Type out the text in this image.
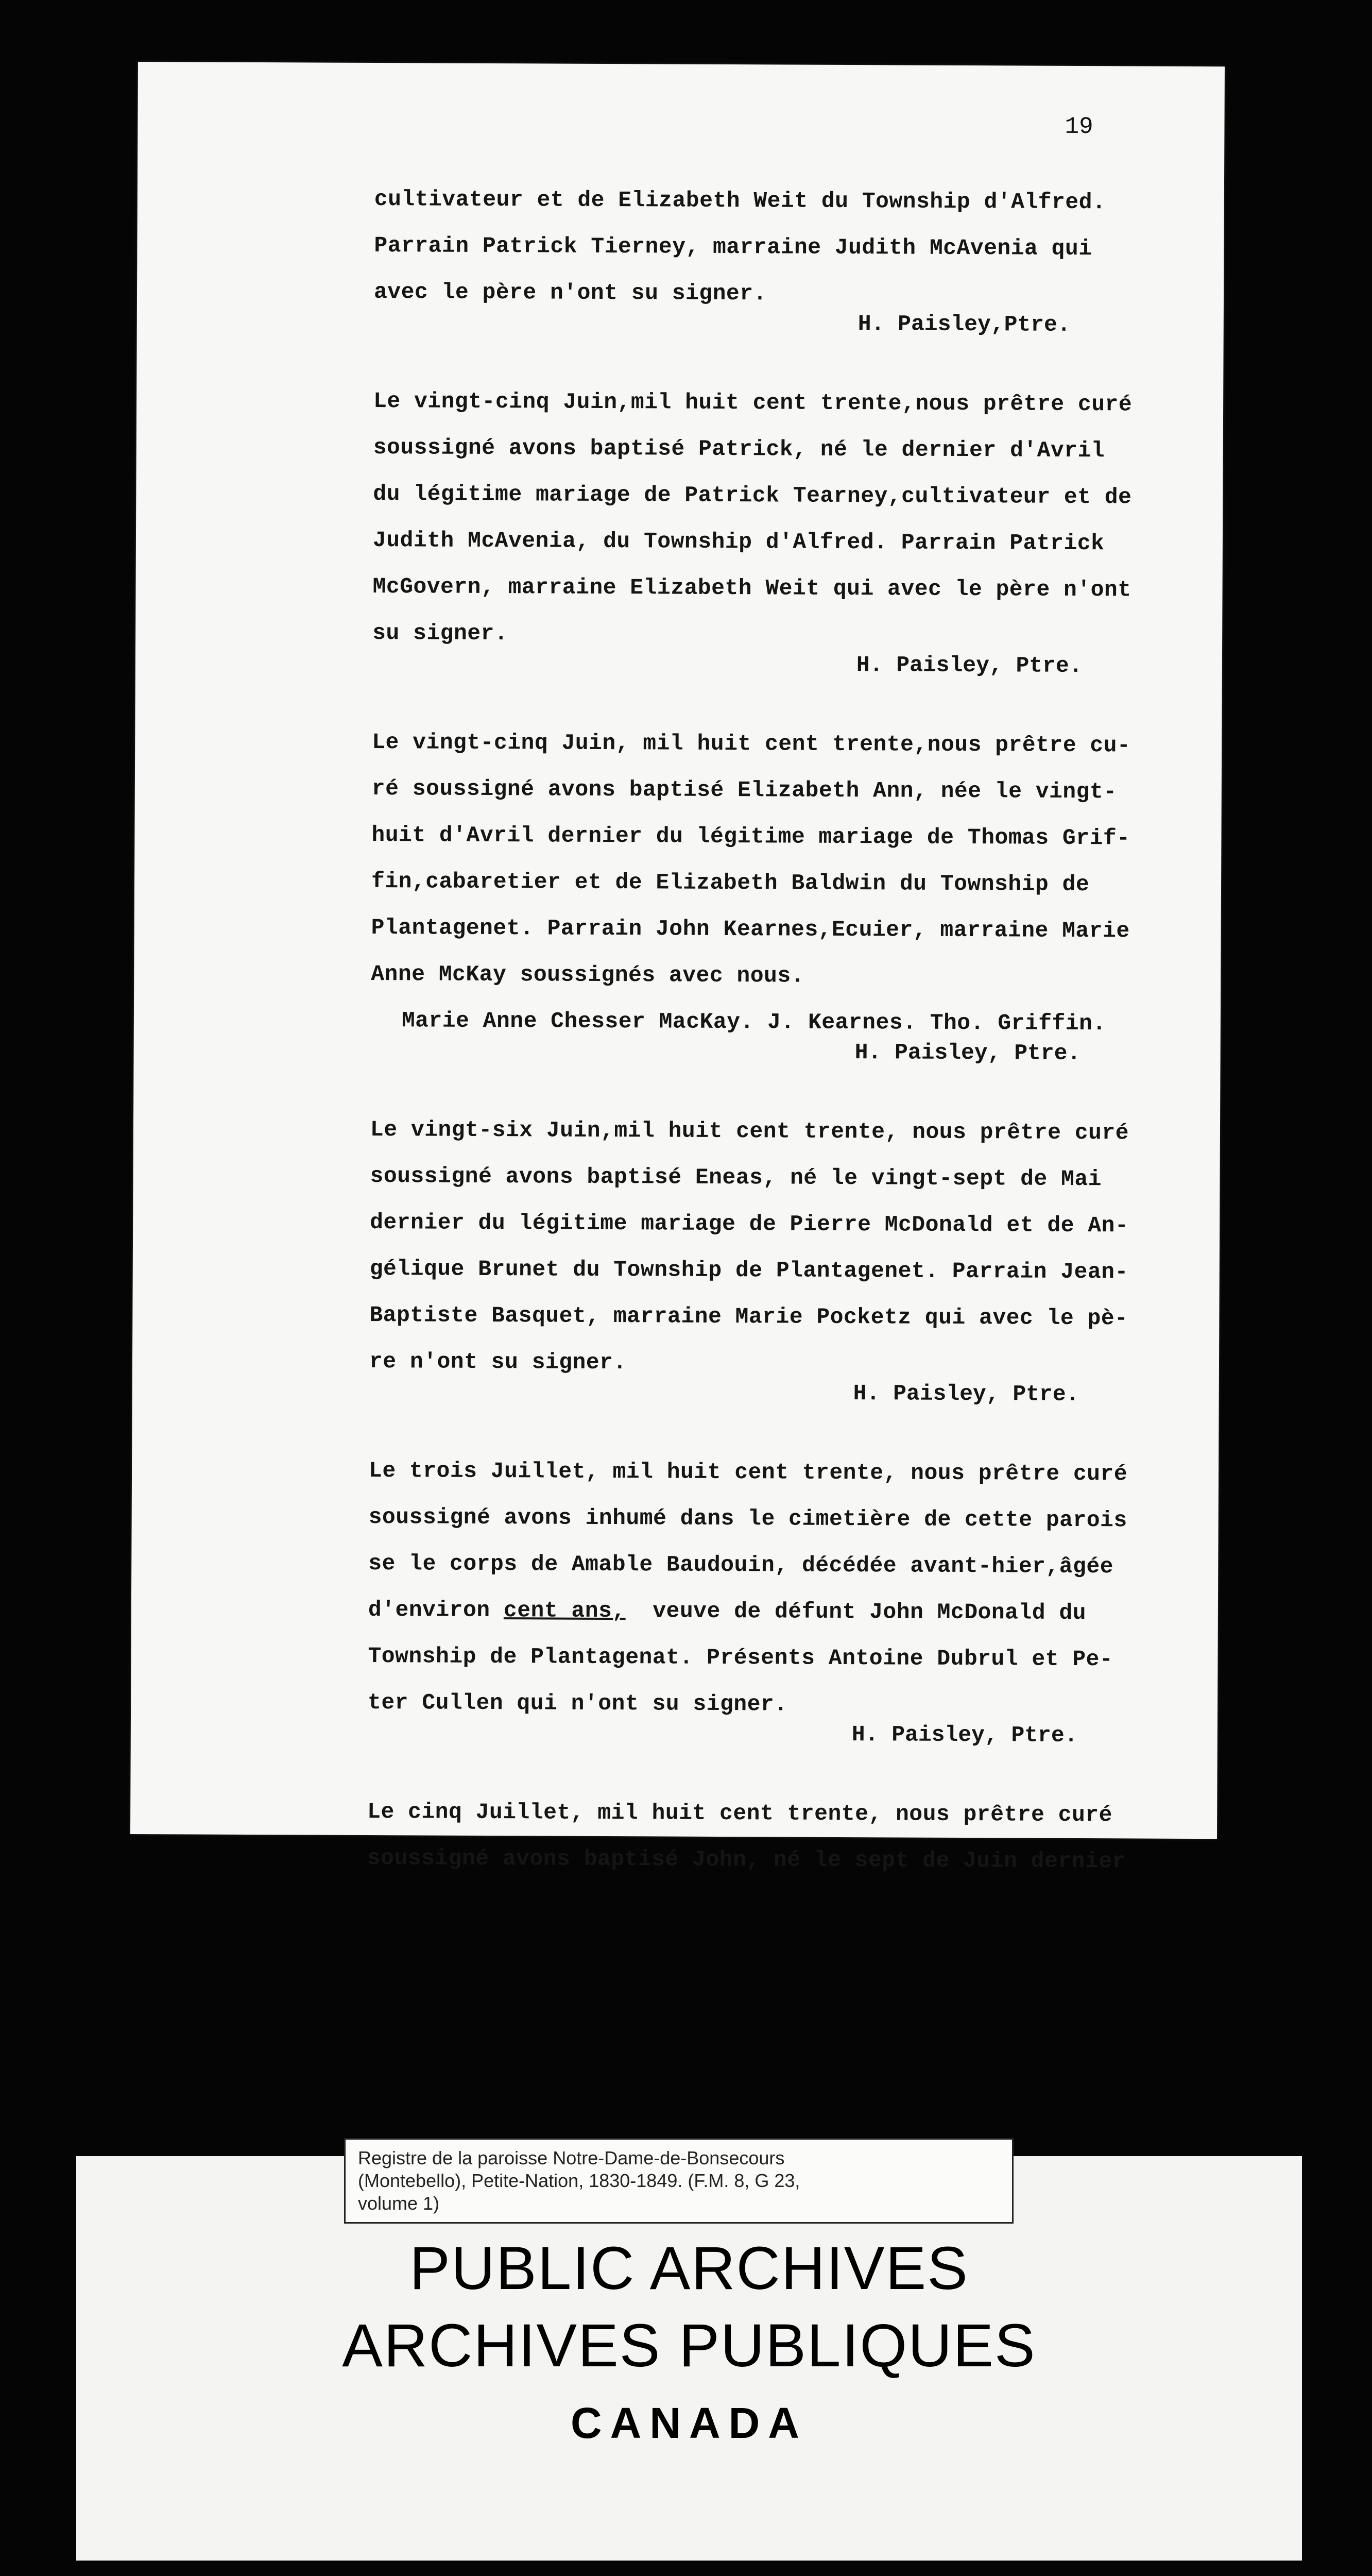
19
cultivateur et de Elizabeth Weit du Township d'Alfred.
Parrain Patrick Tierney, marraine Judith McAvenia qui
avec le père n'ont su signer.
H. Paisley,Ptre.
Le vingt-cinq Juin,mil huit cent trente,nous prêtre curé
soussigné avons baptisé Patrick, né le dernier d'Avril
du légitime mariage de Patrick Tearney,cultivateur et de
Judith McAvenia, du Township d'Alfred. Parrain Patrick
McGovern, marraine Elizabeth Weit qui avec le père n'ont
su signer.
H. Paisley, Ptre.
Le vingt-cinq Juin, mil huit cent trente,nous prêtre cu-
ré soussigné avons baptisé Elizabeth Ann, née le vingt-
huit d'Avril dernier du légitime mariage de Thomas Grif-
fin,cabaretier et de Elizabeth Baldwin du Township de
Plantagenet. Parrain John Kearnes,Ecuier, marraine Marie
Anne McKay soussignés avec nous.
Marie Anne Chesser MacKay. J. Kearnes. Tho. Griffin.
H. Paisley, Ptre.
Le vingt-six Juin,mil huit cent trente, nous prêtre curé
soussigné avons baptisé Eneas, né le vingt-sept de Mai
dernier du légitime mariage de Pierre McDonald et de An-
gélique Brunet du Township de Plantagenet. Parrain Jean-
Baptiste Basquet, marraine Marie Pocketz qui avec le pè-
re n'ont su signer.
H. Paisley, Ptre.
Le trois Juillet, mil huit cent trente, nous prêtre curé
soussigné avons inhumé dans le cimetière de cette parois
se le corps de Amable Baudouin, décédée avant-hier,âgée
d'environ cent ans,  veuve de défunt John McDonald du
Township de Plantagenat. Présents Antoine Dubrul et Pe-
ter Cullen qui n'ont su signer.
H. Paisley, Ptre.
Le cinq Juillet, mil huit cent trente, nous prêtre curé
soussigné avons baptisé John, né le sept de Juin dernier
Registre de la paroisse Notre-Dame-de-Bonsecours
(Montebello), Petite-Nation, 1830-1849. (F.M. 8, G 23,
volume 1)
PUBLIC ARCHIVES
ARCHIVES PUBLIQUES
CANADA
